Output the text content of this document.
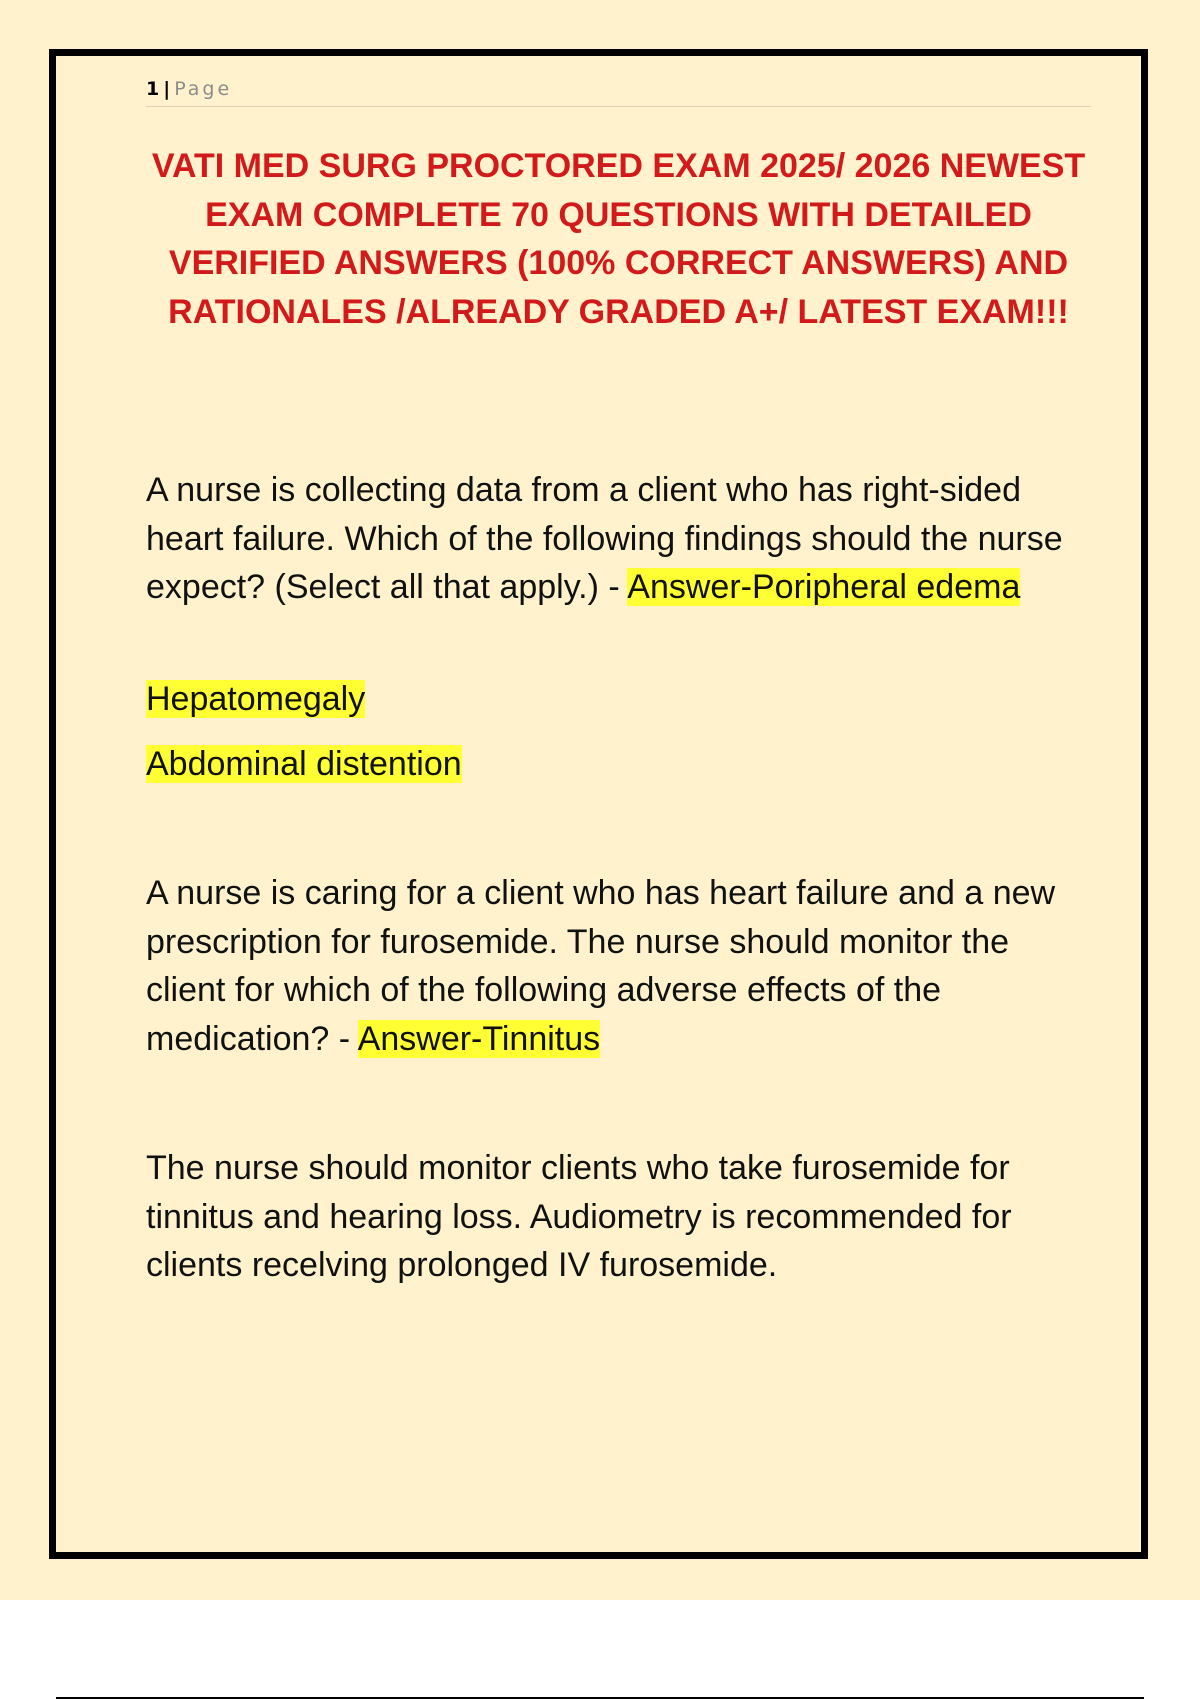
1 | Page
VATI MED SURG PROCTORED EXAM 2025/ 2026 NEWEST EXAM COMPLETE 70 QUESTIONS WITH DETAILED VERIFIED ANSWERS (100% CORRECT ANSWERS) AND RATIONALES /ALREADY GRADED A+/ LATEST EXAM!!!

A nurse is collecting data from a client who has right-sided heart failure. Which of the following findings should the nurse expect? (Select all that apply.) - Answer-Poripheral edema

Hepatomegaly

Abdominal distention

A nurse is caring for a client who has heart failure and a new prescription for furosemide. The nurse should monitor the client for which of the following adverse effects of the medication? - Answer-Tinnitus

The nurse should monitor clients who take furosemide for tinnitus and hearing loss. Audiometry is recommended for clients recelving prolonged IV furosemide.
